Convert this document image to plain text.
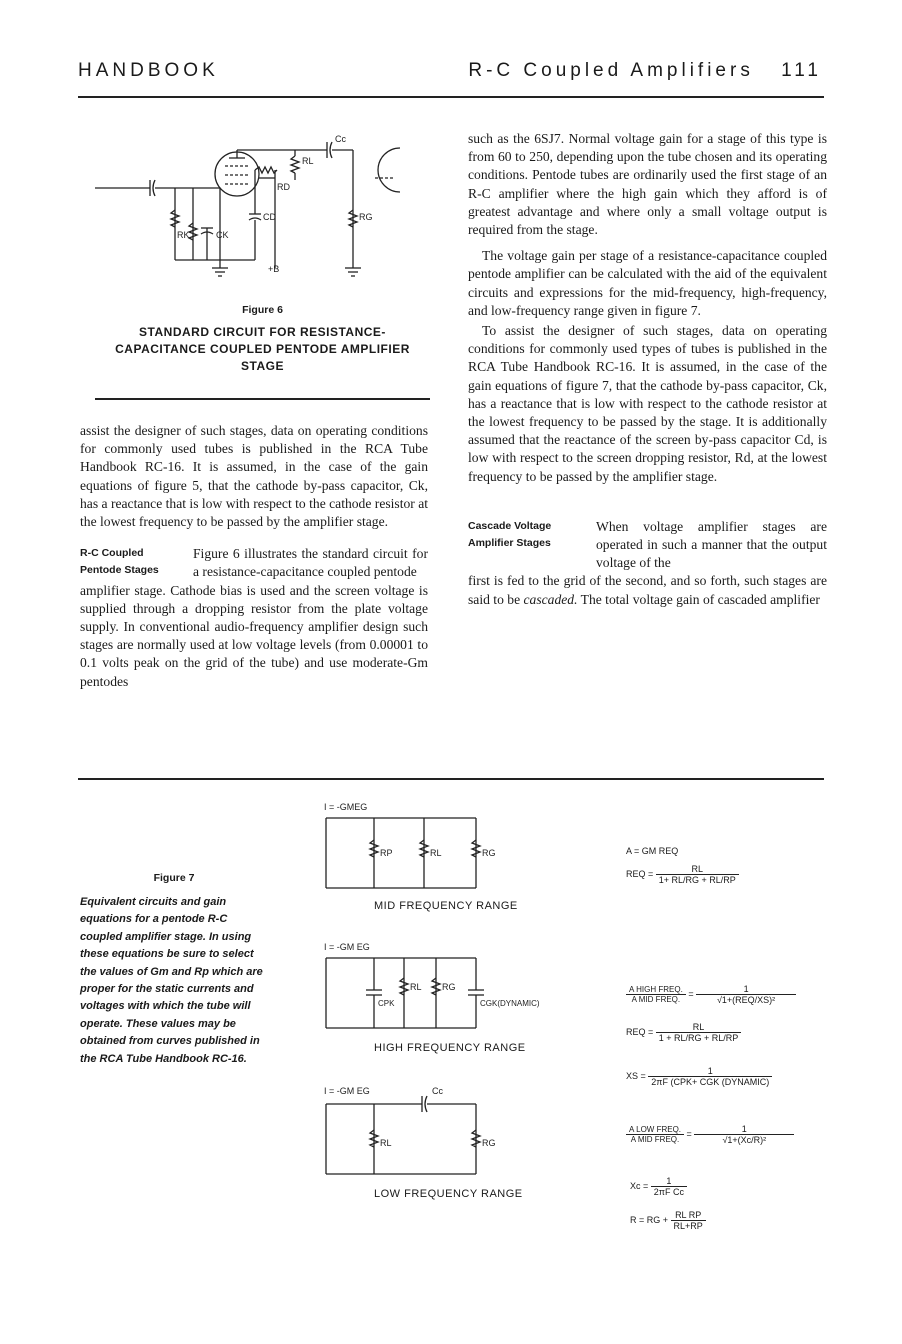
HANDBOOK	R-C Coupled Amplifiers 111
Cc
RL
RD
CD	RG
RK	CK
+B
Figure 6
STANDARD CIRCUIT FOR RESISTANCE-CAPACITANCE COUPLED PENTODE AMPLIFIER STAGE

assist the designer of such stages, data on operating conditions for commonly used tubes is published in the RCA Tube Handbook RC-16. It is assumed, in the case of the gain equations of figure 5, that the cathode by-pass capacitor, Ck, has a reactance that is low with respect to the cathode resistor at the lowest frequency to be passed by the amplifier stage.

R-C Coupled
Pentode Stages

Figure 6 illustrates the standard circuit for a resistance-capacitance coupled pentode

amplifier stage. Cathode bias is used and the screen voltage is supplied through a dropping resistor from the plate voltage supply. In conventional audio-frequency amplifier design such stages are normally used at low voltage levels (from 0.00001 to 0.1 volts peak on the grid of the tube) and use moderate-Gm pentodes

such as the 6SJ7. Normal voltage gain for a stage of this type is from 60 to 250, depending upon the tube chosen and its operating conditions. Pentode tubes are ordinarily used the first stage of an R-C amplifier where the high gain which they afford is of greatest advantage and where only a small voltage output is required from the stage.

The voltage gain per stage of a resistance-capacitance coupled pentode amplifier can be calculated with the aid of the equivalent circuits and expressions for the mid-frequency, high-frequency, and low-frequency range given in figure 7.

To assist the designer of such stages, data on operating conditions for commonly used types of tubes is published in the RCA Tube Handbook RC-16. It is assumed, in the case of the gain equations of figure 7, that the cathode by-pass capacitor, Ck, has a reactance that is low with respect to the cathode resistor at the lowest frequency to be passed by the stage. It is additionally assumed that the reactance of the screen by-pass capacitor Cd, is low with respect to the screen dropping resistor, Rd, at the lowest frequency to be passed by the amplifier stage.

Cascade Voltage
Amplifier Stages

When voltage amplifier stages are operated in such a manner that the output voltage of the

first is fed to the grid of the second, and so forth, such stages are said to be cascaded. The total voltage gain of cascaded amplifier

Figure 7
Equivalent circuits and gain equations for a pentode R-C coupled amplifier stage. In using these equations be sure to select the values of Gm and Rp which are proper for the static currents and voltages with which the tube will operate. These values may be obtained from curves published in the RCA Tube Handbook RC-16.
I = -GMEG
RP	RL	RG
MID FREQUENCY RANGE
I = -GM EG
CPK
RL RG
CGK(DYNAMIC)
HIGH FREQUENCY RANGE
I = -GM EG	Cc
RL	RG
LOW FREQUENCY RANGE
A = GM REQ
REQ = $\frac{RL}{1+ RL/RG + RL/RP}$
$\frac{\text{A HIGH FREQ.}}{\text{A MID FREQ.}} = \frac{1}{\text{√1+(REQ/XS)²}}$
REQ = $\frac{RL}{1 + RL/RG + RL/RP}$
XS = $\frac{1}{\text{2πF (CPK+ CGK (DYNAMIC)}}$
$\frac{\text{A LOW FREQ.}}{\text{A MID FREQ.}} = \frac{1}{\text{√1+(Xc/R)²}}$
$Xc = \frac{1}{\text{2πF Cc}}$
R = RG + $\frac{\text{RL RP}}{RL+RP}$
